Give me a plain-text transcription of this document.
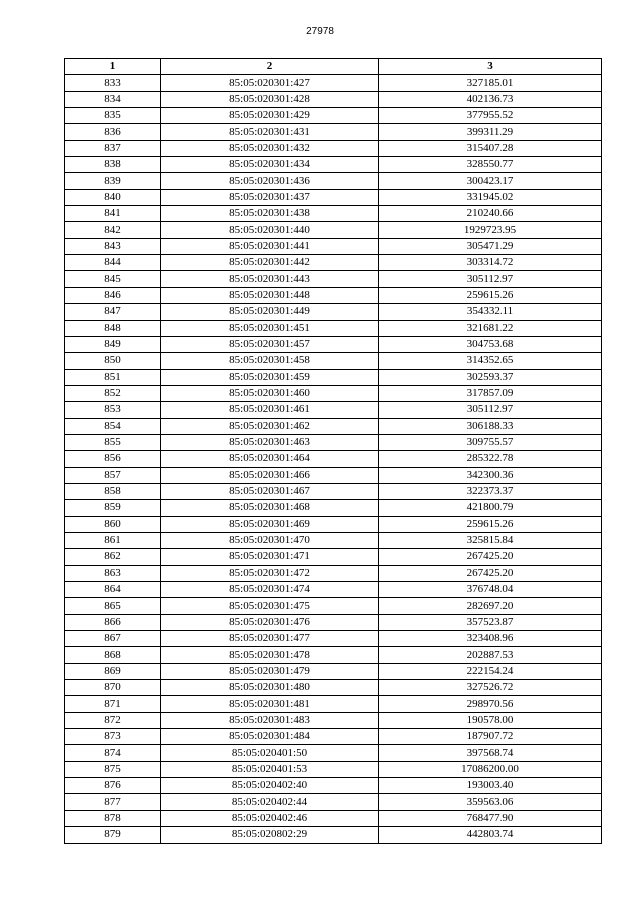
27978
1	2	3
833	85:05:020301:427	327185.01
834	85:05:020301:428	402136.73
835	85:05:020301:429	377955.52
836	85:05:020301:431	399311.29
837	85:05:020301:432	315407.28
838	85:05:020301:434	328550.77
839	85:05:020301:436	300423.17
840	85:05:020301:437	331945.02
841	85:05:020301:438	210240.66
842	85:05:020301:440	1929723.95
843	85:05:020301:441	305471.29
844	85:05:020301:442	303314.72
845	85:05:020301:443	305112.97
846	85:05:020301:448	259615.26
847	85:05:020301:449	354332.11
848	85:05:020301:451	321681.22
849	85:05:020301:457	304753.68
850	85:05:020301:458	314352.65
851	85:05:020301:459	302593.37
852	85:05:020301:460	317857.09
853	85:05:020301:461	305112.97
854	85:05:020301:462	306188.33
855	85:05:020301:463	309755.57
856	85:05:020301:464	285322.78
857	85:05:020301:466	342300.36
858	85:05:020301:467	322373.37
859	85:05:020301:468	421800.79
860	85:05:020301:469	259615.26
861	85:05:020301:470	325815.84
862	85:05:020301:471	267425.20
863	85:05:020301:472	267425.20
864	85:05:020301:474	376748.04
865	85:05:020301:475	282697.20
866	85:05:020301:476	357523.87
867	85:05:020301:477	323408.96
868	85:05:020301:478	202887.53
869	85:05:020301:479	222154.24
870	85:05:020301:480	327526.72
871	85:05:020301:481	298970.56
872	85:05:020301:483	190578.00
873	85:05:020301:484	187907.72
874	85:05:020401:50	397568.74
875	85:05:020401:53	17086200.00
876	85:05:020402:40	193003.40
877	85:05:020402:44	359563.06
878	85:05:020402:46	768477.90
879	85:05:020802:29	442803.74
